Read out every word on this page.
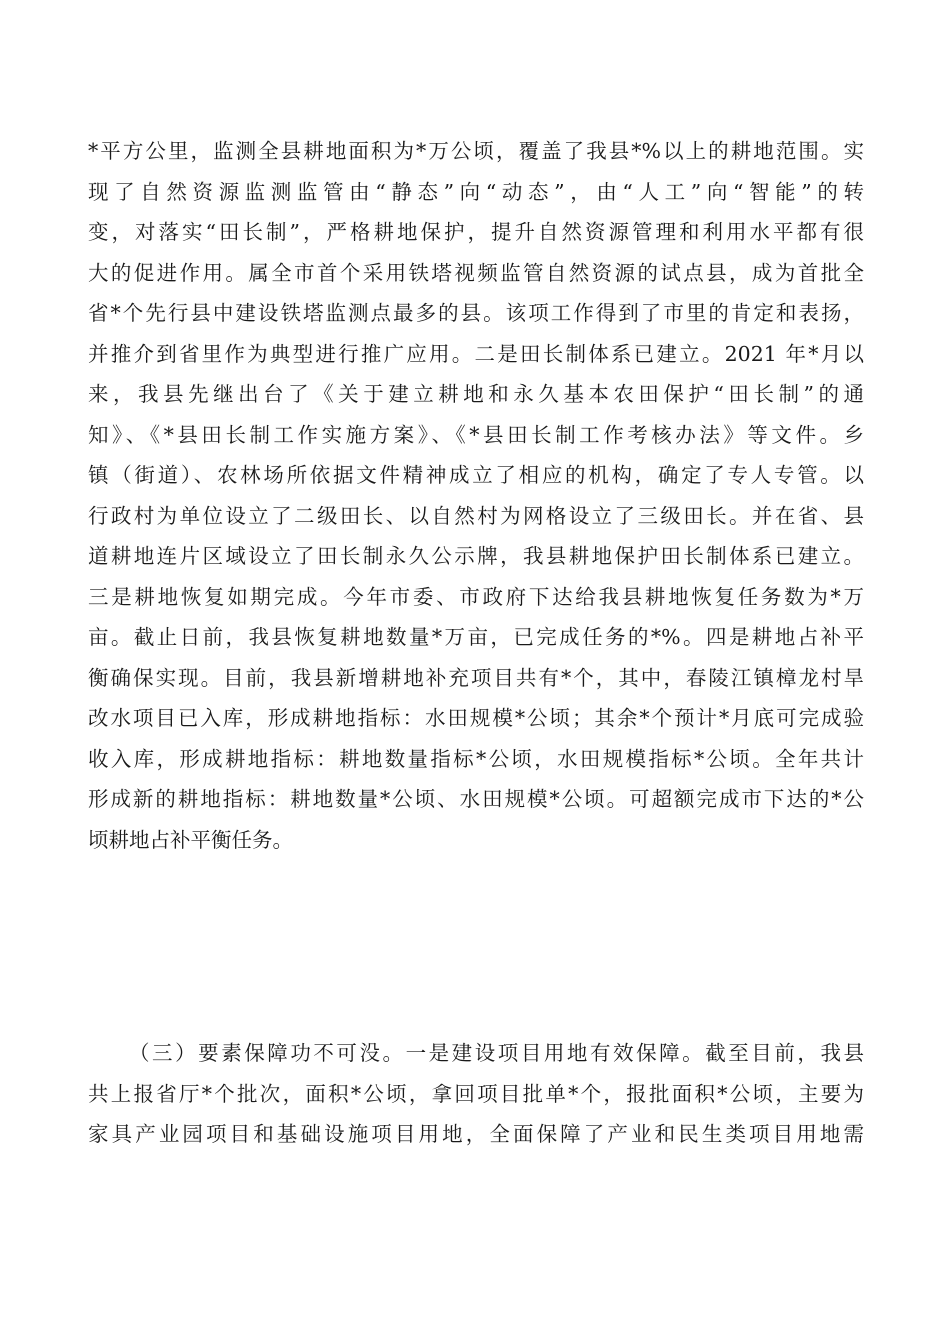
*平方公里，监测全县耕地面积为*万公顷，覆盖了我县*%以上的耕地范围。实
现了自然资源监测监管由“静态”向“动态”，由“人工”向“智能”的转
变，对落实“田长制”，严格耕地保护，提升自然资源管理和利用水平都有很
大的促进作用。属全市首个采用铁塔视频监管自然资源的试点县，成为首批全
省*个先行县中建设铁塔监测点最多的县。该项工作得到了市里的肯定和表扬，
并推介到省里作为典型进行推广应用。二是田长制体系已建立。2021 年*月以
来，我县先继出台了《关于建立耕地和永久基本农田保护“田长制”的通
知》、《*县田长制工作实施方案》、《*县田长制工作考核办法》等文件。乡
镇（街道）、农林场所依据文件精神成立了相应的机构，确定了专人专管。以
行政村为单位设立了二级田长、以自然村为网格设立了三级田长。并在省、县
道耕地连片区域设立了田长制永久公示牌，我县耕地保护田长制体系已建立。
三是耕地恢复如期完成。今年市委、市政府下达给我县耕地恢复任务数为*万
亩。截止日前，我县恢复耕地数量*万亩，已完成任务的*%。四是耕地占补平
衡确保实现。目前，我县新增耕地补充项目共有*个，其中，春陵江镇樟龙村旱
改水项目已入库，形成耕地指标：水田规模*公顷；其余*个预计*月底可完成验
收入库，形成耕地指标：耕地数量指标*公顷，水田规模指标*公顷。全年共计
形成新的耕地指标：耕地数量*公顷、水田规模*公顷。可超额完成市下达的*公
顷耕地占补平衡任务。
（三）要素保障功不可没。一是建设项目用地有效保障。截至目前，我县
共上报省厅*个批次，面积*公顷，拿回项目批单*个，报批面积*公顷，主要为
家具产业园项目和基础设施项目用地，全面保障了产业和民生类项目用地需
